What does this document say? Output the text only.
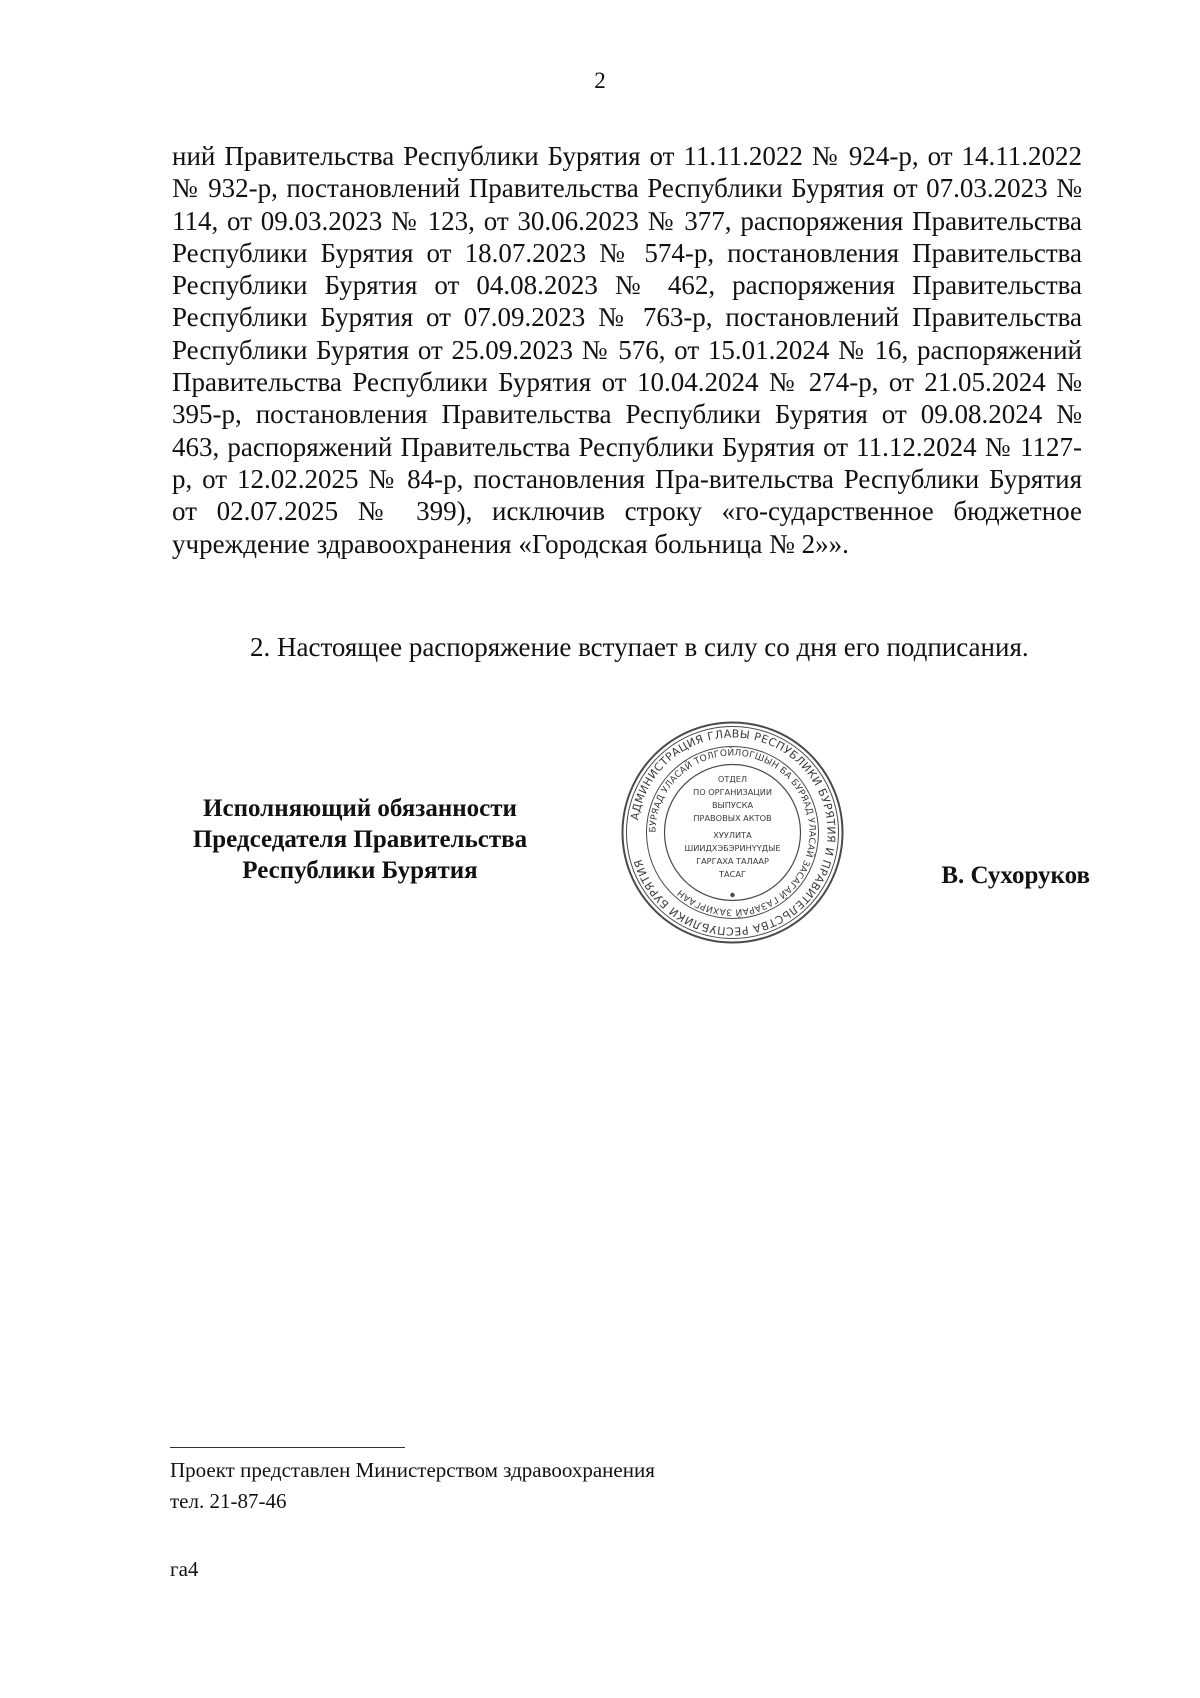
2
ний Правительства Республики Бурятия от 11.11.2022 № 924-р, от 14.11.2022 № 932-р, постановлений Правительства Республики Бурятия от 07.03.2023 № 114, от 09.03.2023 № 123, от 30.06.2023 № 377, распоряжения Правительства Республики Бурятия от 18.07.2023 № 574-р, постановления Правительства Республики Бурятия от 04.08.2023 № 462, распоряжения Правительства Республики Бурятия от 07.09.2023 № 763-р, постановлений Правительства Республики Бурятия от 25.09.2023 № 576, от 15.01.2024 № 16, распоряжений Правительства Республики Бурятия от 10.04.2024 № 274-р, от 21.05.2024 № 395-р, постановления Правительства Республики Бурятия от 09.08.2024 № 463, распоряжений Правительства Республики Бурятия от 11.12.2024 № 1127-р, от 12.02.2025 № 84-р, постановления Пра-вительства Республики Бурятия от 02.07.2025 № 399), исключив строку «го-сударственное бюджетное учреждение здравоохранения «Городская больница № 2»».
2. Настоящее распоряжение вступает в силу со дня его подписания.
Исполняющий обязанности
Председателя Правительства
Республики Бурятия
АДМИНИСТРАЦИЯ ГЛАВЫ РЕСПУБЛИКИ БУРЯТИЯ И ПРАВИТЕЛЬСТВА РЕСПУБЛИКИ БУРЯТИЯ
БУРЯАД УЛАСАЙ ТОЛГОЙЛОГШЫН БА БУРЯАД УЛАСАЙ ЗАСАГАЙ ГАЗАРАЙ ЗАХИРГААН
ОТДЕЛ
ПО ОРГАНИЗАЦИИ
ВЫПУСКА
ПРАВОВЫХ АКТОВ
ХУУЛИТА
ШИИДХЭБЭРИНҮҮДЫЕ
ГАРГАХА ТАЛААР
ТАСАГ	В. Сухоруков
Проект представлен Министерством здравоохранения
тел. 21-87-46
га4
